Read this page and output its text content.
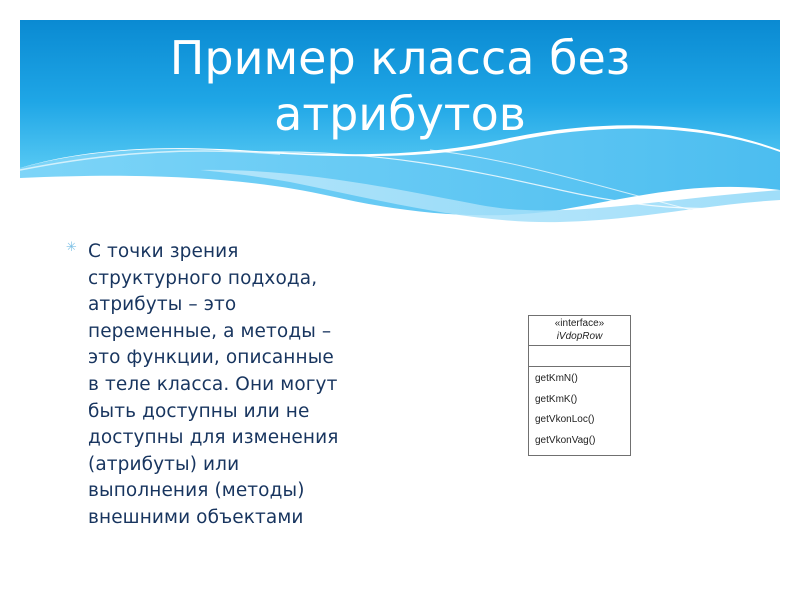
Пример класса без
атрибутов
✳ С точки зрения
структурного подхода,
атрибуты – это
переменные, а методы –
это функции, описанные
в теле класса. Они могут
быть доступны или не
доступны для изменения
(атрибуты) или
выполнения (методы)
внешними объектами
«interface»
iVdopRow
getKmN()
getKmK()
getVkonLoc()
getVkonVag()
